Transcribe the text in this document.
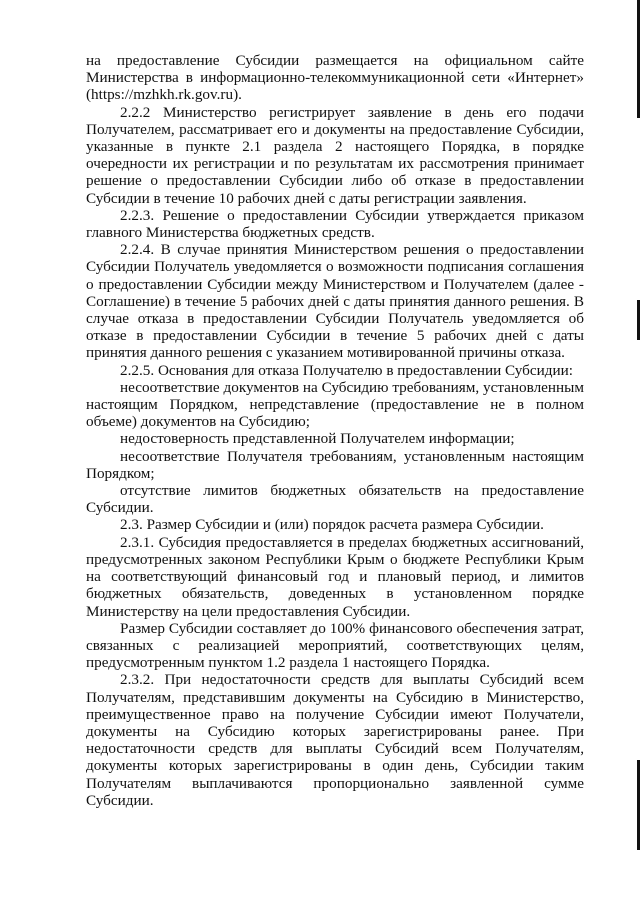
на предоставление Субсидии размещается на официальном сайте Министерства в информационно-телекоммуникационной сети «Интернет» (https://mzhkh.rk.gov.ru).

2.2.2 Министерство регистрирует заявление в день его подачи Получателем, рассматривает его и документы на предоставление Субсидии, указанные в пункте 2.1 раздела 2 настоящего Порядка, в порядке очередности их регистрации и по результатам их рассмотрения принимает решение о предоставлении Субсидии либо об отказе в предоставлении Субсидии в течение 10 рабочих дней с даты регистрации заявления.

2.2.3. Решение о предоставлении Субсидии утверждается приказом главного Министерства бюджетных средств.

2.2.4. В случае принятия Министерством решения о предоставлении Субсидии Получатель уведомляется о возможности подписания соглашения о предоставлении Субсидии между Министерством и Получателем (далее - Соглашение) в течение 5 рабочих дней с даты принятия данного решения. В случае отказа в предоставлении Субсидии Получатель уведомляется об отказе в предоставлении Субсидии в течение 5 рабочих дней с даты принятия данного решения с указанием мотивированной причины отказа.

2.2.5. Основания для отказа Получателю в предоставлении Субсидии:

несоответствие документов на Субсидию требованиям, установленным настоящим Порядком, непредставление (предоставление не в полном объеме) документов на Субсидию;

недостоверность представленной Получателем информации;

несоответствие Получателя требованиям, установленным настоящим Порядком;

отсутствие лимитов бюджетных обязательств на предоставление Субсидии.

2.3. Размер Субсидии и (или) порядок расчета размера Субсидии.

2.3.1. Субсидия предоставляется в пределах бюджетных ассигнований, предусмотренных законом Республики Крым о бюджете Республики Крым на соответствующий финансовый год и плановый период, и лимитов бюджетных обязательств, доведенных в установленном порядке Министерству на цели предоставления Субсидии.

Размер Субсидии составляет до 100% финансового обеспечения затрат, связанных с реализацией мероприятий, соответствующих целям, предусмотренным пунктом 1.2 раздела 1 настоящего Порядка.

2.3.2. При недостаточности средств для выплаты Субсидий всем Получателям, представившим документы на Субсидию в Министерство, преимущественное право на получение Субсидии имеют Получатели, документы на Субсидию которых зарегистрированы ранее. При недостаточности средств для выплаты Субсидий всем Получателям, документы которых зарегистрированы в один день, Субсидии таким Получателям выплачиваются пропорционально заявленной сумме Субсидии.
